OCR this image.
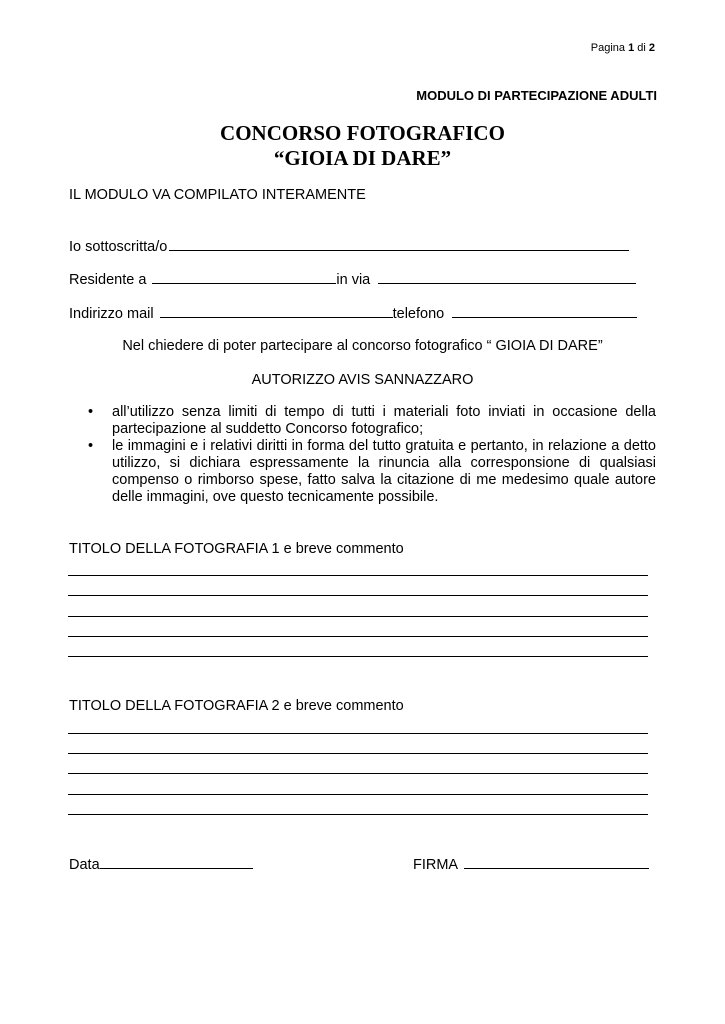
Pagina 1 di 2
MODULO DI PARTECIPAZIONE ADULTI
CONCORSO FOTOGRAFICO
“GIOIA DI DARE”
IL MODULO VA COMPILATO INTERAMENTE
Io sottoscritta/o
Residente a	in via
Indirizzo mail	telefono
Nel chiedere di poter partecipare al concorso fotografico “ GIOIA DI DARE”
AUTORIZZO AVIS SANNAZZARO
• all’utilizzo senza limiti di tempo di tutti i materiali foto inviati in occasione della partecipazione al suddetto Concorso fotografico;
• le immagini e i relativi diritti in forma del tutto gratuita e pertanto, in relazione a detto utilizzo, si dichiara espressamente la rinuncia alla corresponsione di qualsiasi compenso o rimborso spese, fatto salva la citazione di me medesimo quale autore delle immagini, ove questo tecnicamente possibile.
TITOLO DELLA FOTOGRAFIA 1 e breve commento
TITOLO DELLA FOTOGRAFIA 2 e breve commento
Data	FIRMA
